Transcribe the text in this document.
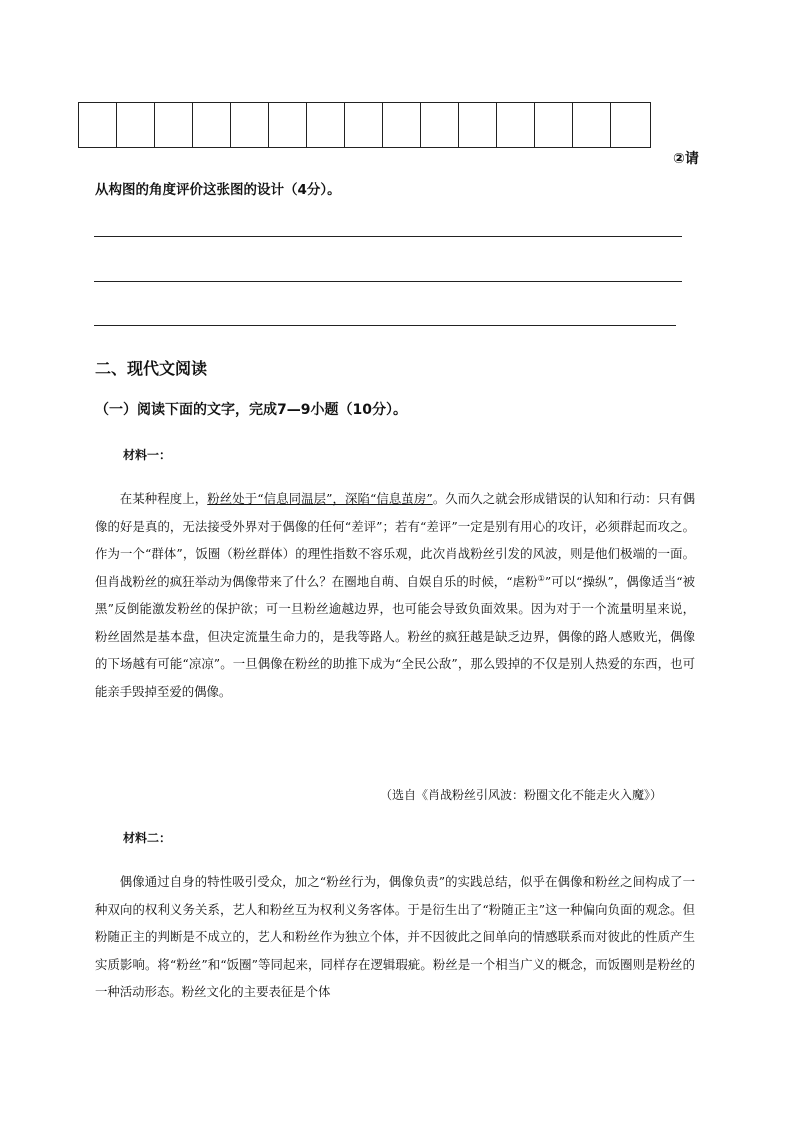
②请
从构图的角度评价这张图的设计（4分）。
二、现代文阅读
（一）阅读下面的文字，完成7—9小题（10分）。
材料一：
在某种程度上，粉丝处于“信息同温层”，深陷“信息茧房”。久而久之就会形成错误的认知和行动：只有偶像的好是真的，无法接受外界对于偶像的任何“差评”；若有“差评”一定是别有用心的攻讦，必须群起而攻之。作为一个“群体”，饭圈（粉丝群体）的理性指数不容乐观，此次肖战粉丝引发的风波，则是他们极端的一面。但肖战粉丝的疯狂举动为偶像带来了什么？在圈地自萌、自娱自乐的时候，“虐粉①”可以“操纵”，偶像适当“被黑”反倒能激发粉丝的保护欲；可一旦粉丝逾越边界，也可能会导致负面效果。因为对于一个流量明星来说，粉丝固然是基本盘，但决定流量生命力的，是我等路人。粉丝的疯狂越是缺乏边界，偶像的路人感败光，偶像的下场越有可能“凉凉”。一旦偶像在粉丝的助推下成为“全民公敌”，那么毁掉的不仅是别人热爱的东西，也可能亲手毁掉至爱的偶像。
（选自《肖战粉丝引风波：粉圈文化不能走火入魔》）
材料二：
偶像通过自身的特性吸引受众，加之“粉丝行为，偶像负责”的实践总结，似乎在偶像和粉丝之间构成了一种双向的权利义务关系，艺人和粉丝互为权利义务客体。于是衍生出了“粉随正主”这一种偏向负面的观念。但粉随正主的判断是不成立的，艺人和粉丝作为独立个体，并不因彼此之间单向的情感联系而对彼此的性质产生实质影响。将“粉丝”和“饭圈”等同起来，同样存在逻辑瑕疵。粉丝是一个相当广义的概念，而饭圈则是粉丝的一种活动形态。粉丝文化的主要表征是个体
